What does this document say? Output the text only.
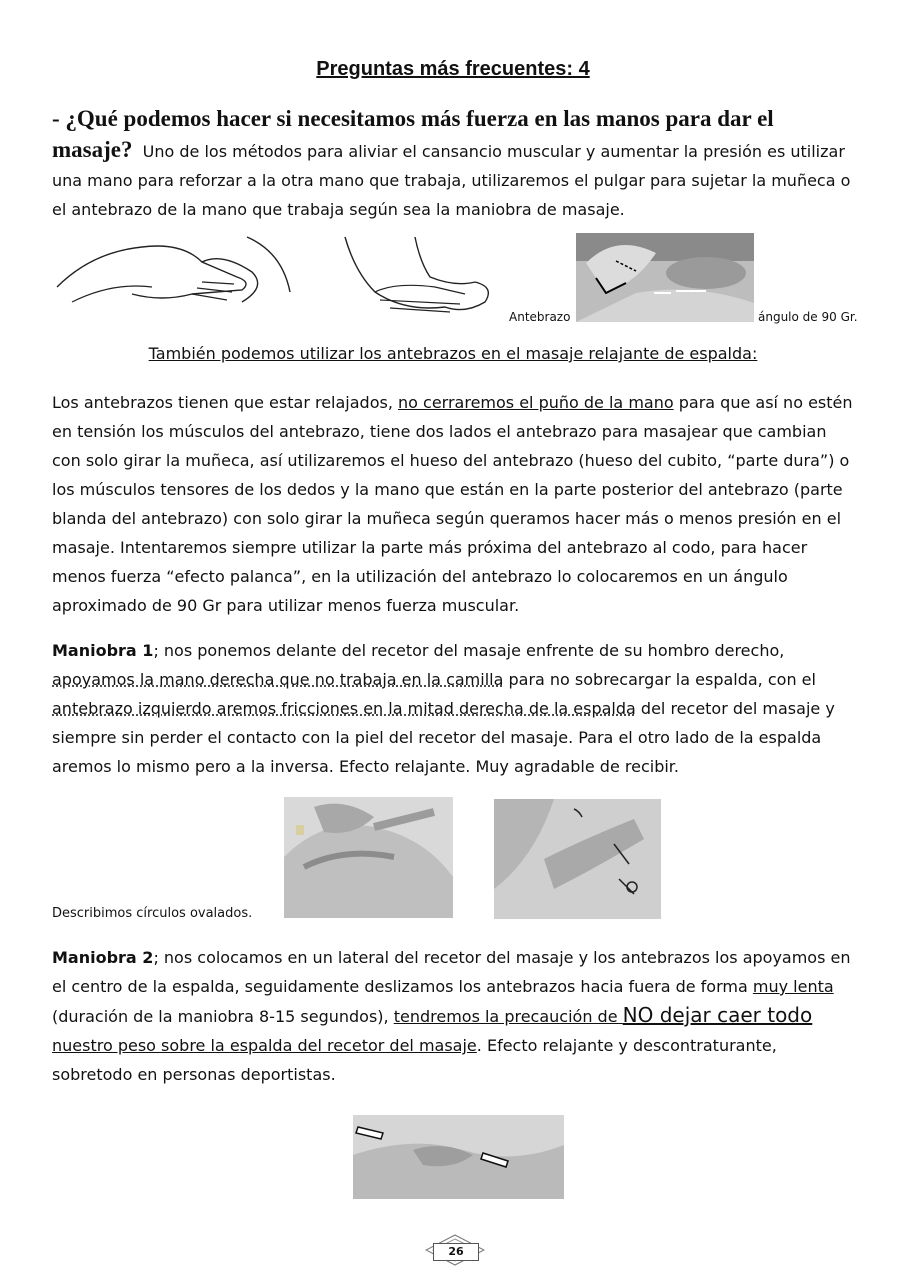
Preguntas más frecuentes: 4
- ¿Qué podemos hacer si necesitamos más fuerza en las manos para dar el masaje? Uno de los métodos para aliviar el cansancio muscular y aumentar la presión es utilizar una mano para reforzar a la otra mano que trabaja, utilizaremos el pulgar para sujetar la muñeca o el antebrazo de la mano que trabaja según sea la maniobra de masaje.
Antebrazo	ángulo de 90 Gr.
También podemos utilizar los antebrazos en el masaje relajante de espalda:
Los antebrazos tienen que estar relajados, no cerraremos el puño de la mano para que así no estén en tensión los músculos del antebrazo, tiene dos lados el antebrazo para masajear que cambian con solo girar la muñeca, así utilizaremos el hueso del antebrazo (hueso del cubito, “parte dura”) o los músculos tensores de los dedos y la mano que están en la parte posterior del antebrazo (parte blanda del antebrazo) con solo girar la muñeca según queramos hacer más o menos presión en el masaje. Intentaremos siempre utilizar la parte más próxima del antebrazo al codo, para hacer menos fuerza “efecto palanca”, en la utilización del antebrazo lo colocaremos en un ángulo aproximado de 90 Gr para utilizar menos fuerza muscular.
Maniobra 1; nos ponemos delante del recetor del masaje enfrente de su hombro derecho, apoyamos la mano derecha que no trabaja en la camilla para no sobrecargar la espalda, con el antebrazo izquierdo aremos fricciones en la mitad derecha de la espalda del recetor del masaje y siempre sin perder el contacto con la piel del recetor del masaje. Para el otro lado de la espalda aremos lo mismo pero a la inversa. Efecto relajante. Muy agradable de recibir.
Describimos círculos ovalados.
Maniobra 2; nos colocamos en un lateral del recetor del masaje y los antebrazos los apoyamos en el centro de la espalda, seguidamente deslizamos los antebrazos hacia fuera de forma muy lenta (duración de la maniobra 8-15 segundos), tendremos la precaución de NO dejar caer todo nuestro peso sobre la espalda del recetor del masaje. Efecto relajante y descontraturante, sobretodo en personas deportistas.
26
